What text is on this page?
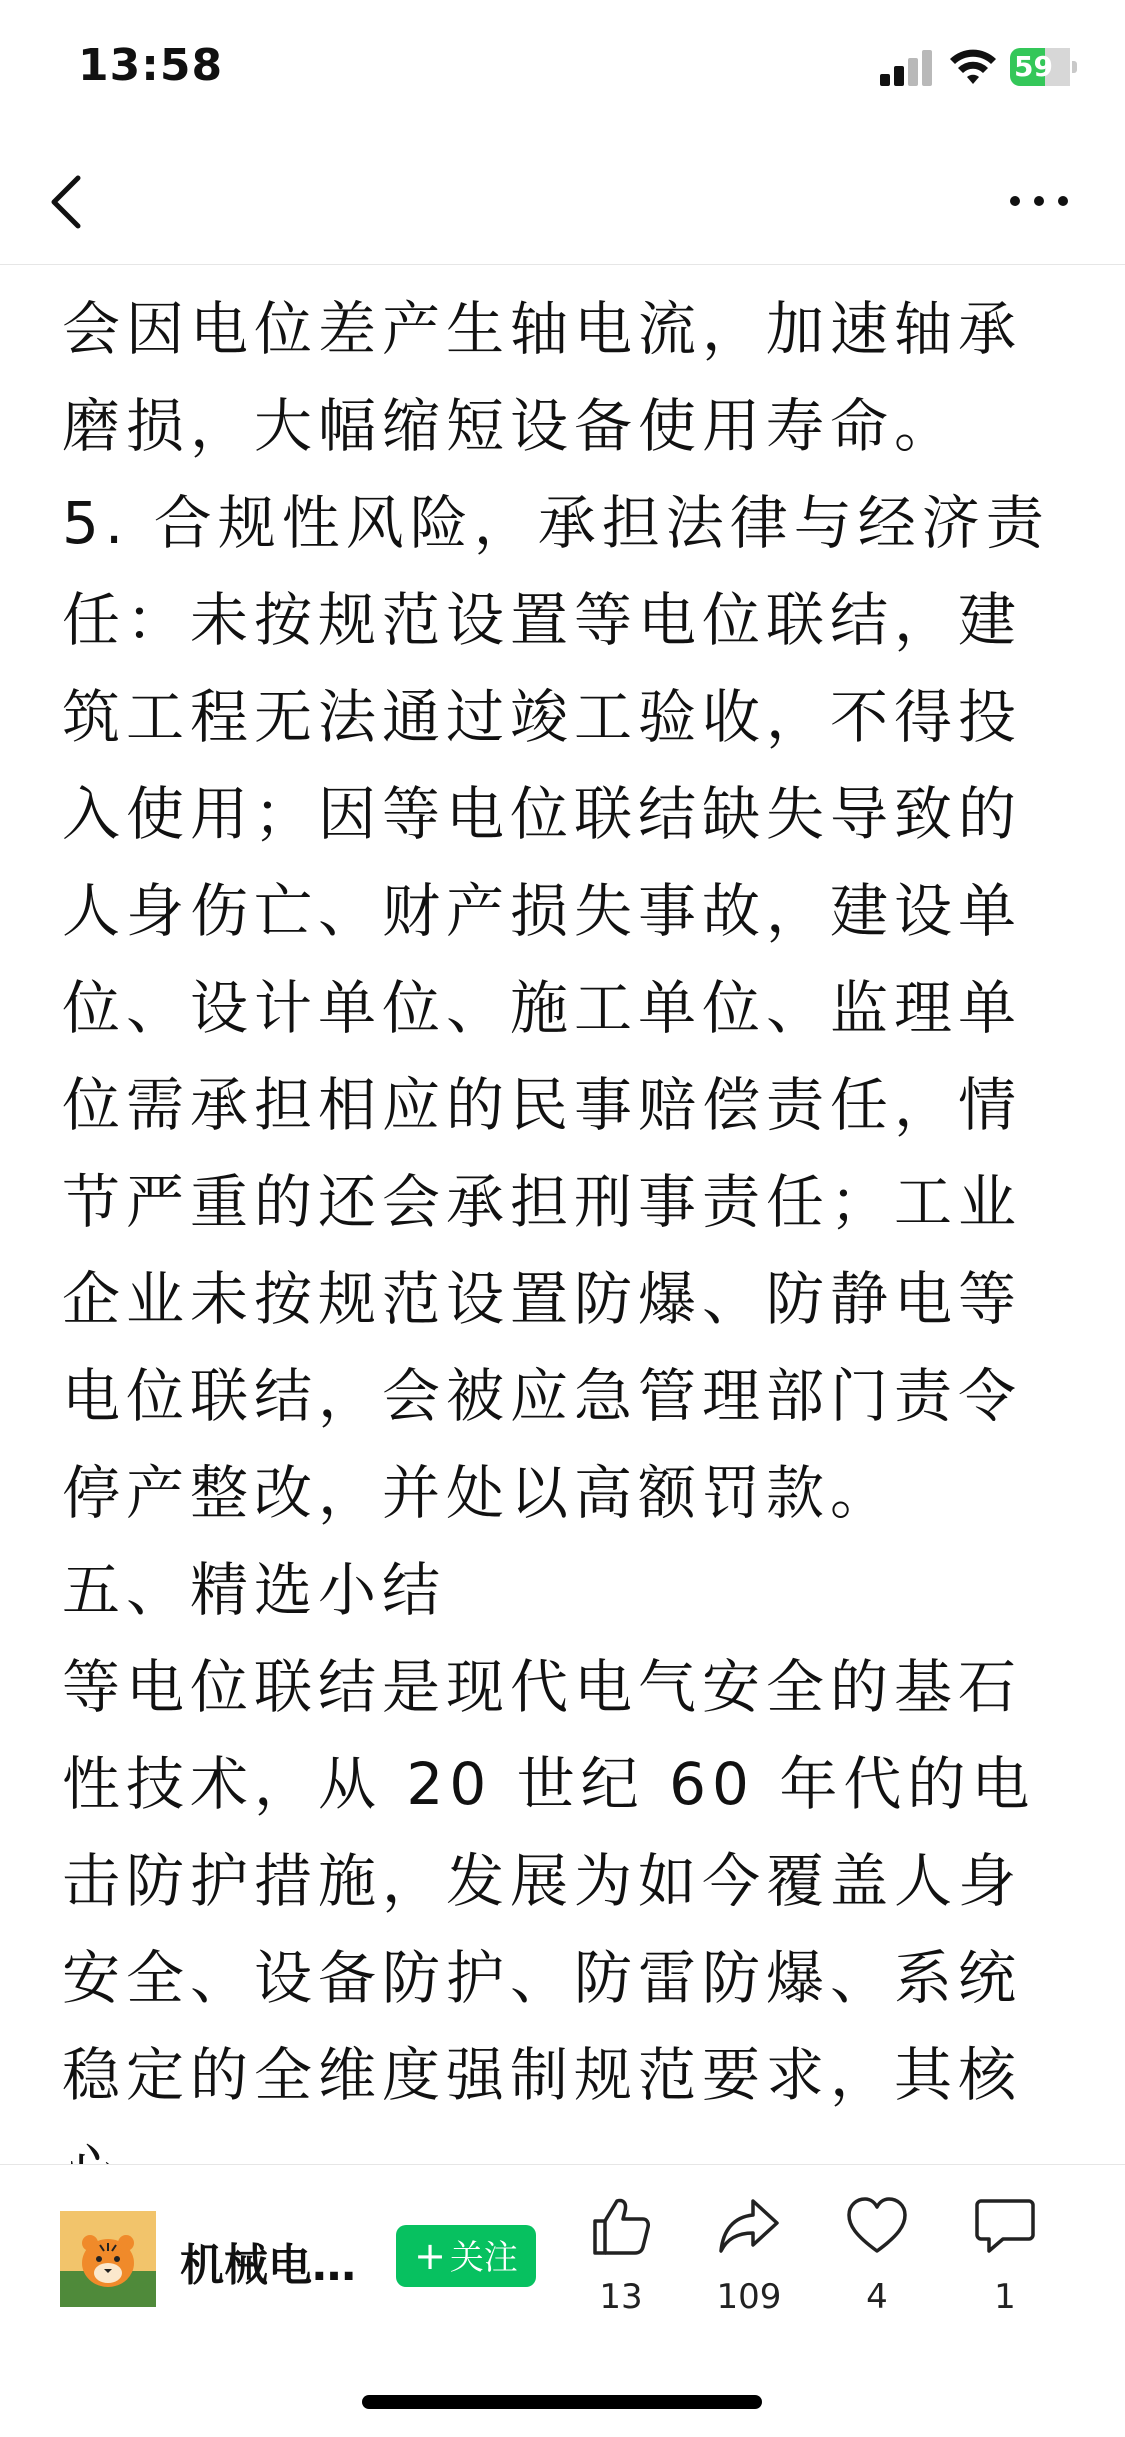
13:58	59

会因电位差产生轴电流，加速轴承磨损，大幅缩短设备使用寿命。

5. 合规性风险，承担法律与经济责任：未按规范设置等电位联结，建筑工程无法通过竣工验收，不得投入使用；因等电位联结缺失导致的人身伤亡、财产损失事故，建设单位、设计单位、施工单位、监理单位需承担相应的民事赔偿责任，情节严重的还会承担刑事责任；工业企业未按规范设置防爆、防静电等电位联结，会被应急管理部门责令停产整改，并处以高额罚款。

五、精选小结

等电位联结是现代电气安全的基石性技术，从 20 世纪 60 年代的电击防护措施，发展为如今覆盖人身安全、设备防护、防雷防爆、系统稳定的全维度强制规范要求，其核

机械电…	+ 关注
13	109	4	1
